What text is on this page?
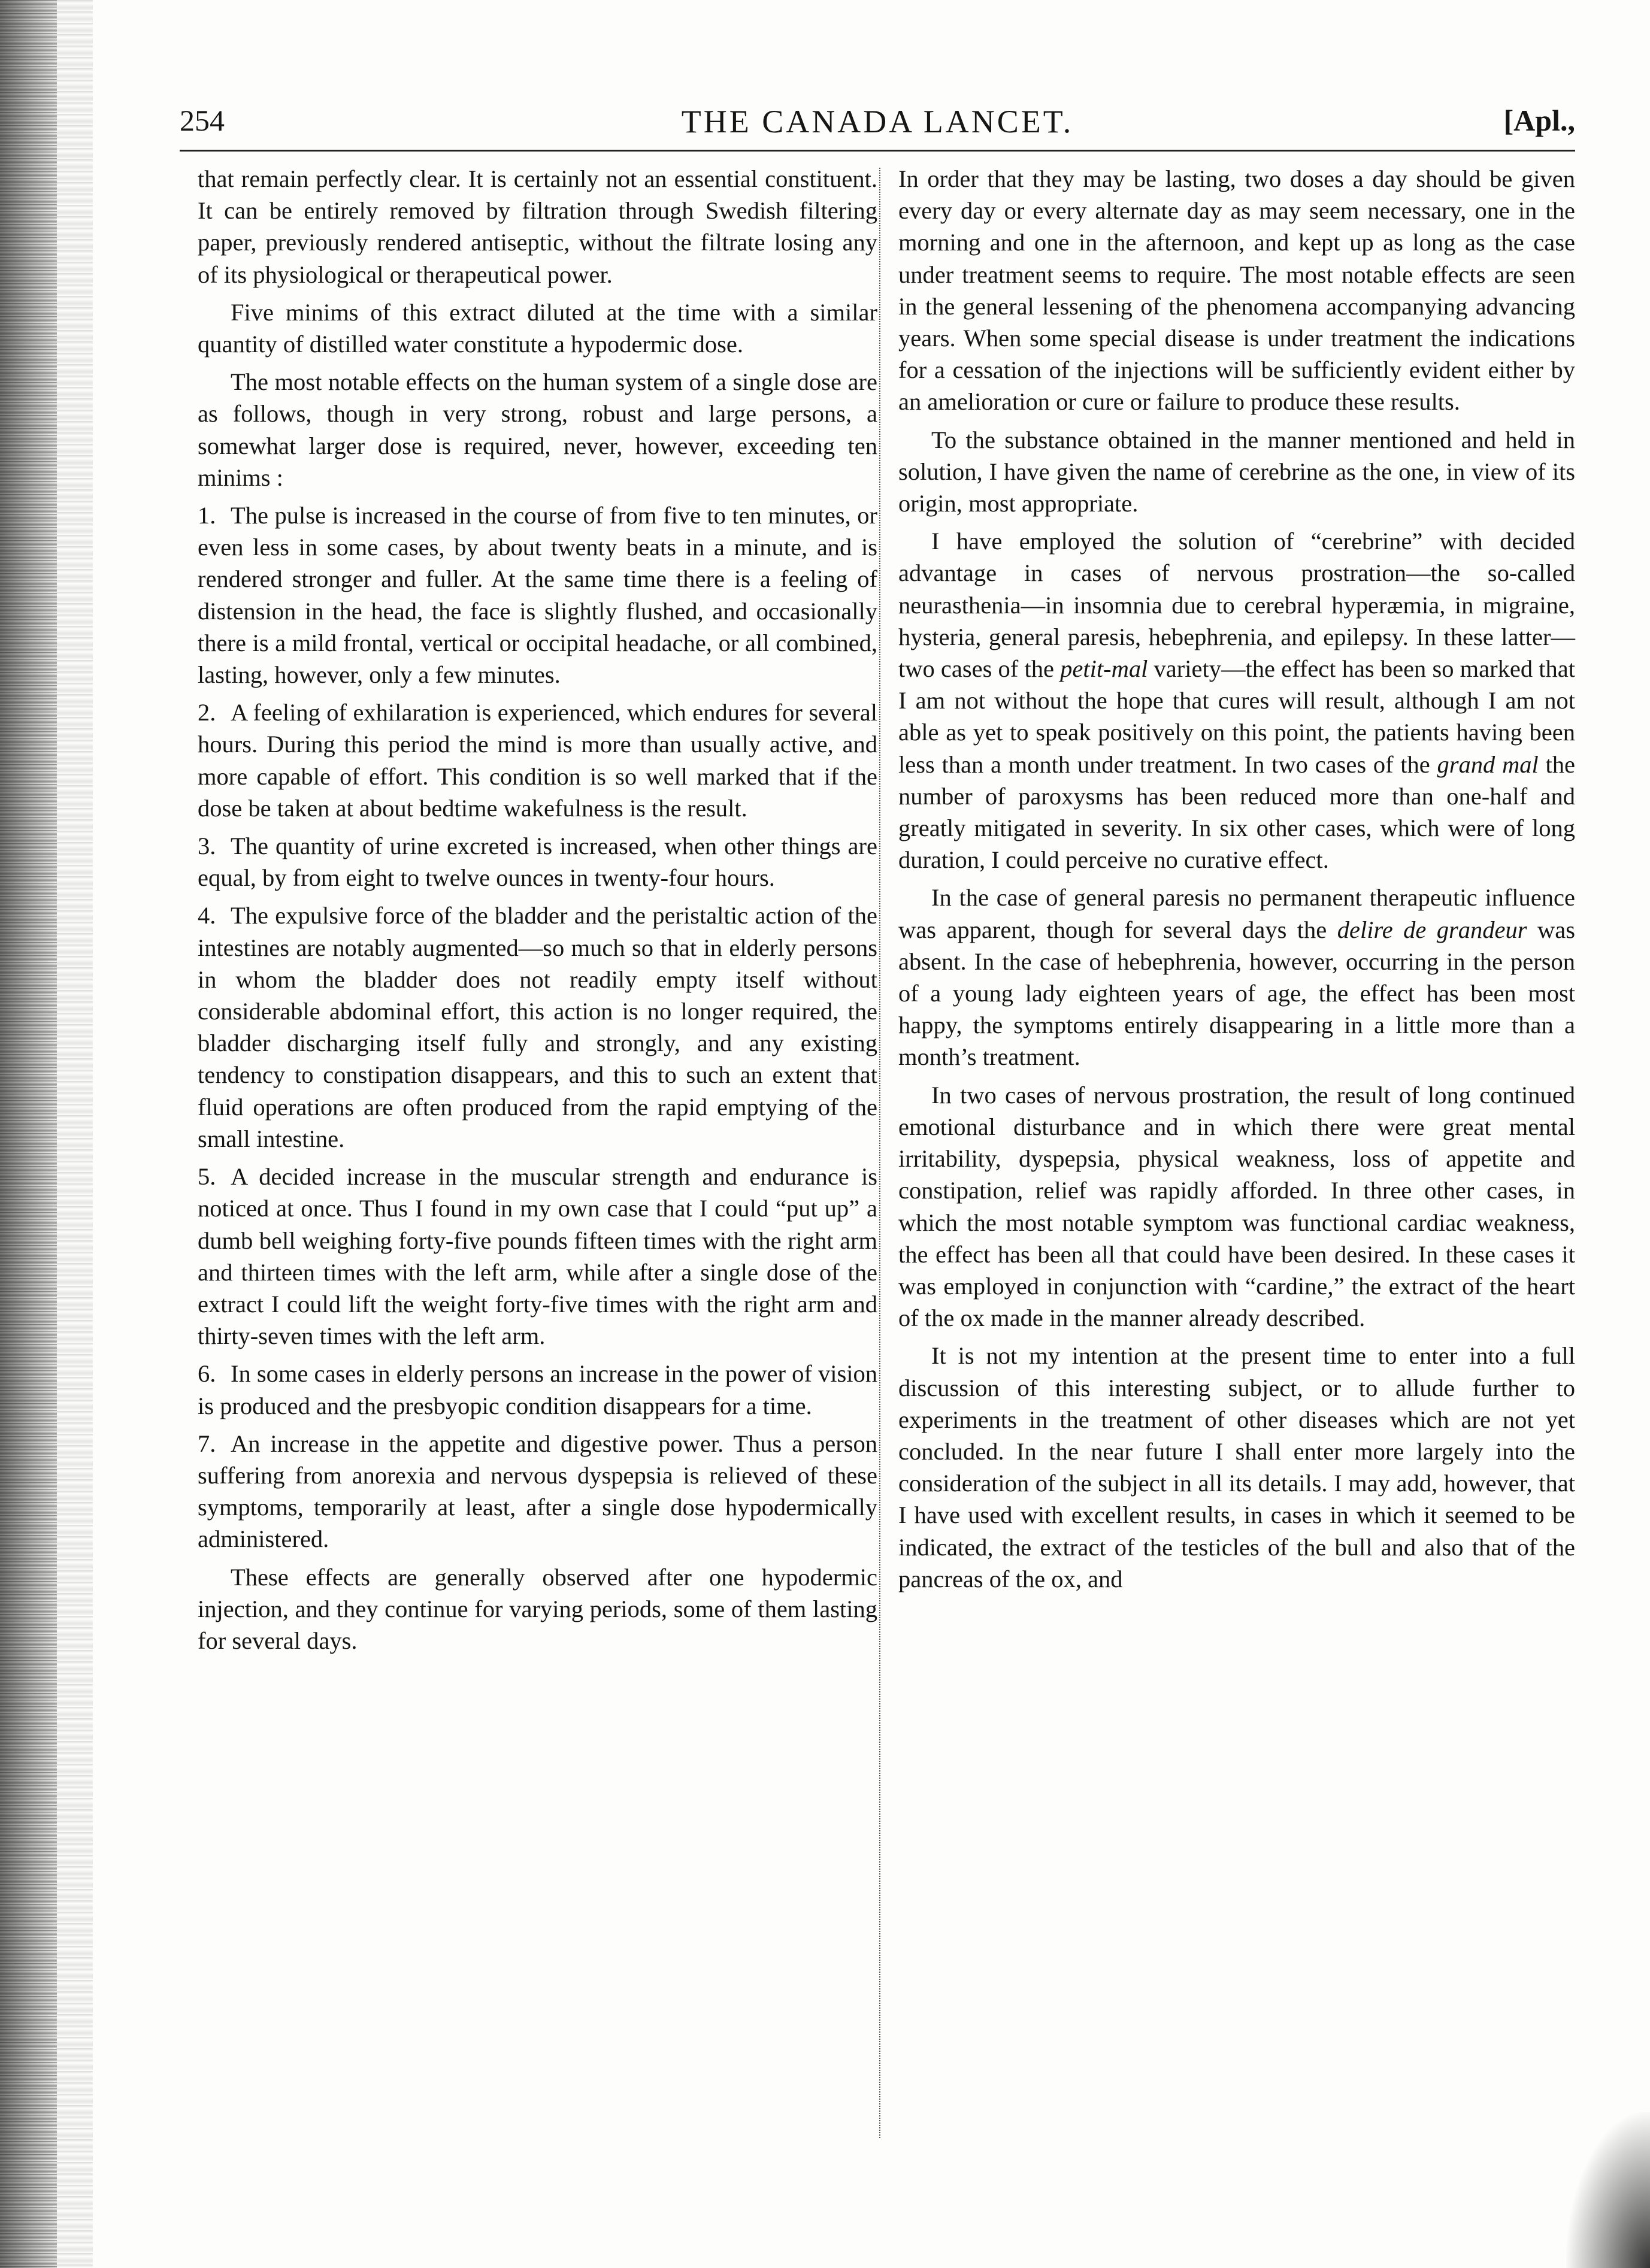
254	THE CANADA LANCET.	[Apl.,

that remain perfectly clear. It is certainly not an essential constituent. It can be entirely removed by filtration through Swedish filtering paper, previously rendered antiseptic, without the filtrate losing any of its physiological or therapeutical power.

Five minims of this extract diluted at the time with a similar quantity of distilled water constitute a hypodermic dose.

The most notable effects on the human system of a single dose are as follows, though in very strong, robust and large persons, a somewhat larger dose is required, never, however, exceeding ten minims :

1. The pulse is increased in the course of from five to ten minutes, or even less in some cases, by about twenty beats in a minute, and is rendered stronger and fuller. At the same time there is a feeling of distension in the head, the face is slightly flushed, and occasionally there is a mild frontal, vertical or occipital headache, or all combined, lasting, however, only a few minutes.

2. A feeling of exhilaration is experienced, which endures for several hours. During this period the mind is more than usually active, and more capable of effort. This condition is so well marked that if the dose be taken at about bedtime wakefulness is the result.

3. The quantity of urine excreted is increased, when other things are equal, by from eight to twelve ounces in twenty-four hours.

4. The expulsive force of the bladder and the peristaltic action of the intestines are notably augmented—so much so that in elderly persons in whom the bladder does not readily empty itself without considerable abdominal effort, this action is no longer required, the bladder discharging itself fully and strongly, and any existing tendency to constipation disappears, and this to such an extent that fluid operations are often produced from the rapid emptying of the small intestine.

5. A decided increase in the muscular strength and endurance is noticed at once. Thus I found in my own case that I could “put up” a dumb bell weighing forty-five pounds fifteen times with the right arm and thirteen times with the left arm, while after a single dose of the extract I could lift the weight forty-five times with the right arm and thirty-seven times with the left arm.

6. In some cases in elderly persons an increase in the power of vision is produced and the presbyopic condition disappears for a time.

7. An increase in the appetite and digestive power. Thus a person suffering from anorexia and nervous dyspepsia is relieved of these symptoms, temporarily at least, after a single dose hypodermically administered.

These effects are generally observed after one hypodermic injection, and they continue for varying periods, some of them lasting for several days.

In order that they may be lasting, two doses a day should be given every day or every alternate day as may seem necessary, one in the morning and one in the afternoon, and kept up as long as the case under treatment seems to require. The most notable effects are seen in the general lessening of the phenomena accompanying advancing years. When some special disease is under treatment the indications for a cessation of the injections will be sufficiently evident either by an amelioration or cure or failure to produce these results.

To the substance obtained in the manner mentioned and held in solution, I have given the name of cerebrine as the one, in view of its origin, most appropriate.

I have employed the solution of “cerebrine” with decided advantage in cases of nervous prostration—the so-called neurasthenia—in insomnia due to cerebral hyperæmia, in migraine, hysteria, general paresis, hebephrenia, and epilepsy. In these latter—two cases of the petit-mal variety—the effect has been so marked that I am not without the hope that cures will result, although I am not able as yet to speak positively on this point, the patients having been less than a month under treatment. In two cases of the grand mal the number of paroxysms has been reduced more than one-half and greatly mitigated in severity. In six other cases, which were of long duration, I could perceive no curative effect.

In the case of general paresis no permanent therapeutic influence was apparent, though for several days the delire de grandeur was absent. In the case of hebephrenia, however, occurring in the person of a young lady eighteen years of age, the effect has been most happy, the symptoms entirely disappearing in a little more than a month’s treatment.

In two cases of nervous prostration, the result of long continued emotional disturbance and in which there were great mental irritability, dyspepsia, physical weakness, loss of appetite and constipation, relief was rapidly afforded. In three other cases, in which the most notable symptom was functional cardiac weakness, the effect has been all that could have been desired. In these cases it was employed in conjunction with “cardine,” the extract of the heart of the ox made in the manner already described.

It is not my intention at the present time to enter into a full discussion of this interesting subject, or to allude further to experiments in the treatment of other diseases which are not yet concluded. In the near future I shall enter more largely into the consideration of the subject in all its details. I may add, however, that I have used with excellent results, in cases in which it seemed to be indicated, the extract of the testicles of the bull and also that of the pancreas of the ox, and
